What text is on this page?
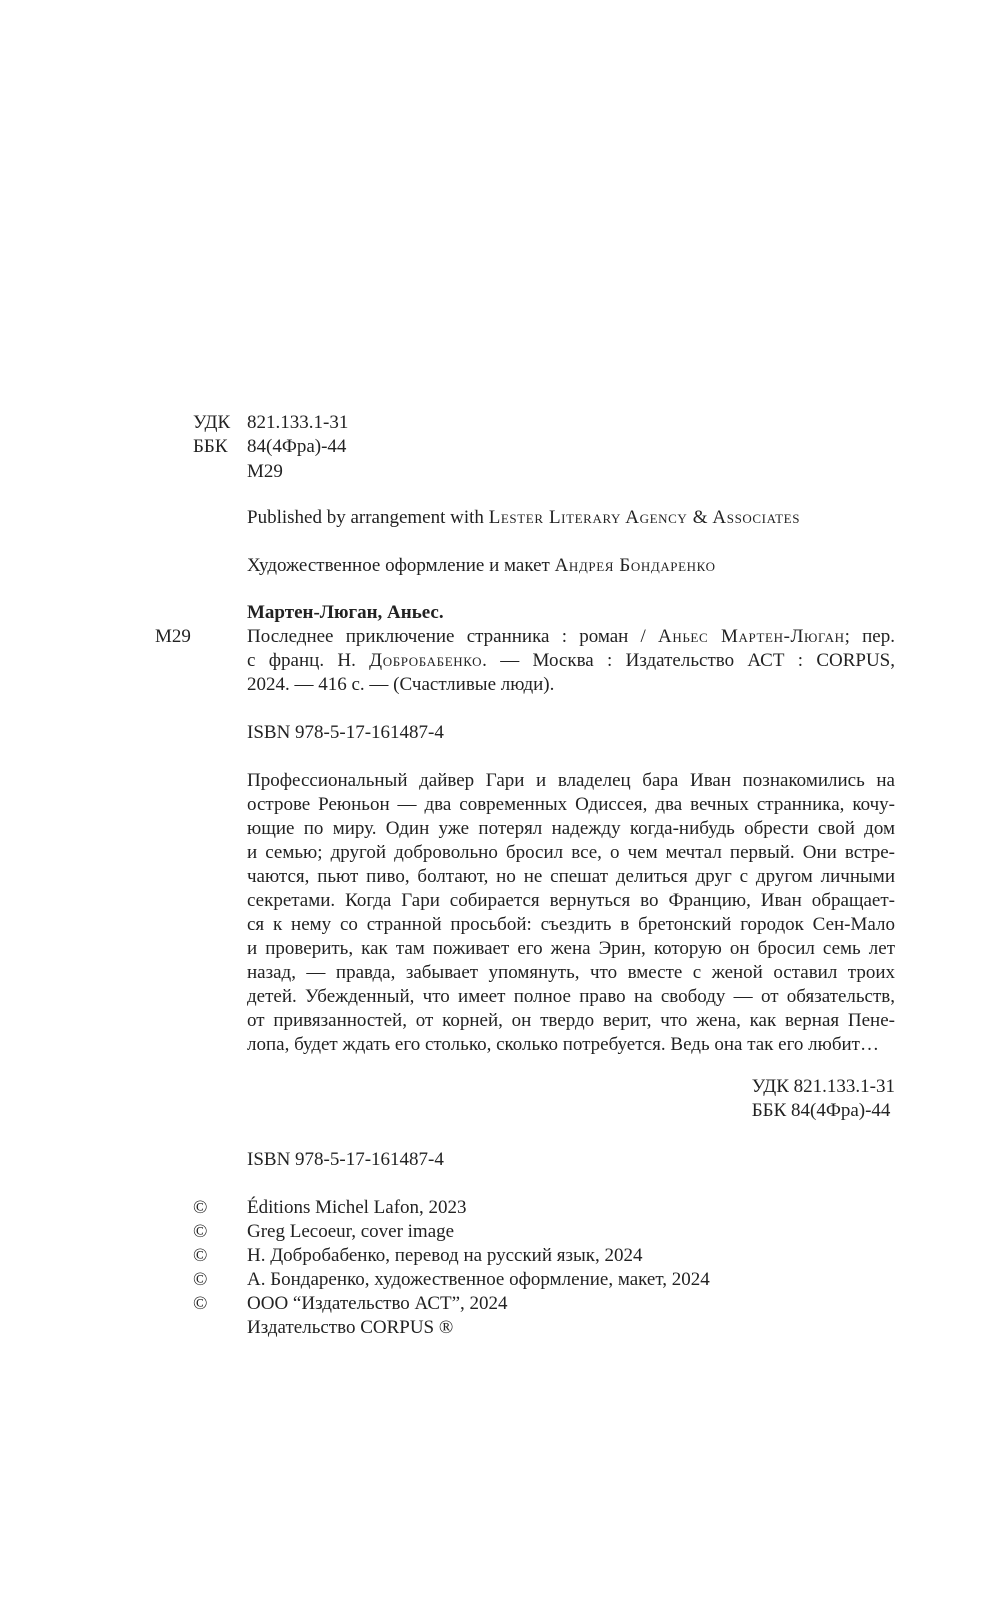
УДК 821.133.1-31
ББК	84(4Фра)-44
М29
Published by arrangement with Lester Literary Agency & Associates
Художественное оформление и макет Андрея Бондаренко
Мартен-Люган, Аньес.
М29	Последнее приключение странника : роман / Аньес Мартен-Люган; пер.
с франц. Н. Добробабенко. — Москва : Издательство АСТ : CORPUS,
2024. — 416 с. — (Счастливые люди).
ISBN 978-5-17-161487-4
Профессиональный дайвер Гари и владелец бара Иван познакомились на
острове Реюньон — два современных Одиссея, два вечных странника, кочу-
ющие по миру. Один уже потерял надежду когда-нибудь обрести свой дом
и семью; другой добровольно бросил все, о чем мечтал первый. Они встре-
чаются, пьют пиво, болтают, но не спешат делиться друг с другом личными
секретами. Когда Гари собирается вернуться во Францию, Иван обращает-
ся к нему со странной просьбой: съездить в бретонский городок Сен-Мало
и проверить, как там поживает его жена Эрин, которую он бросил семь лет
назад, — правда, забывает упомянуть, что вместе с женой оставил троих
детей. Убежденный, что имеет полное право на свободу — от обязательств,
от привязанностей, от корней, он твердо верит, что жена, как верная Пене-
лопа, будет ждать его столько, сколько потребуется. Ведь она так его любит…
УДК 821.133.1-31
ББК 84(4Фра)-44
ISBN 978-5-17-161487-4
© Éditions Michel Lafon, 2023
© Greg Lecoeur, cover image
© Н. Добробабенко, перевод на русский язык, 2024
© А. Бондаренко, художественное оформление, макет, 2024
© ООО “Издательство АСТ”, 2024
Издательство CORPUS ®
